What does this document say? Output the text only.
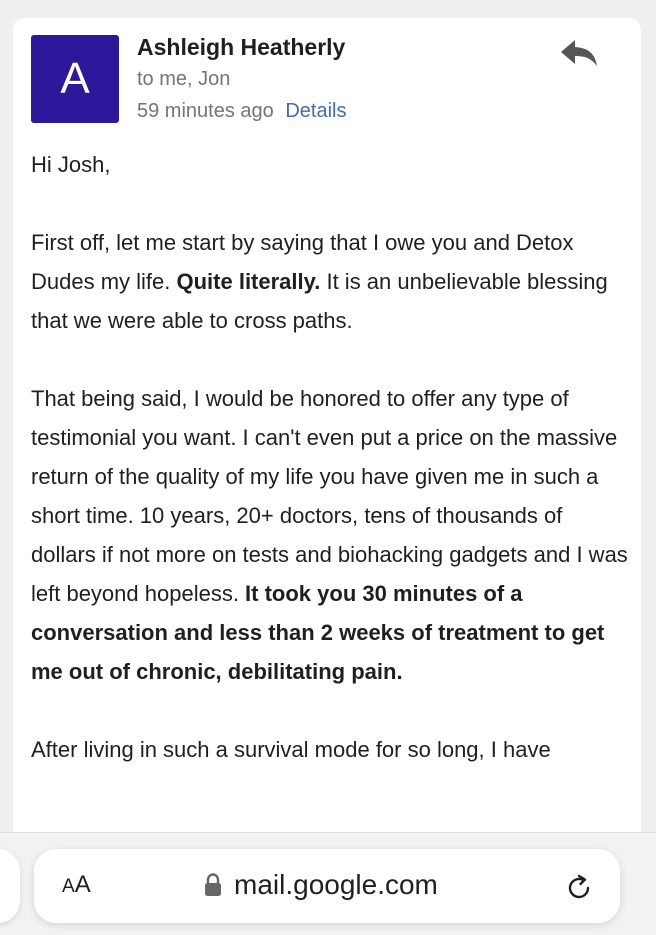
A
Ashleigh Heatherly
to me, Jon
59 minutes ago Details

Hi Josh,

First off, let me start by saying that I owe you and Detox Dudes my life. Quite literally. It is an unbelievable blessing that we were able to cross paths.

That being said, I would be honored to offer any type of testimonial you want. I can't even put a price on the massive return of the quality of my life you have given me in such a short time. 10 years, 20+ doctors, tens of thousands of dollars if not more on tests and biohacking gadgets and I was left beyond hopeless. It took you 30 minutes of a conversation and less than 2 weeks of treatment to get me out of chronic, debilitating pain.

After living in such a survival mode for so long, I have

AA	mail.google.com
